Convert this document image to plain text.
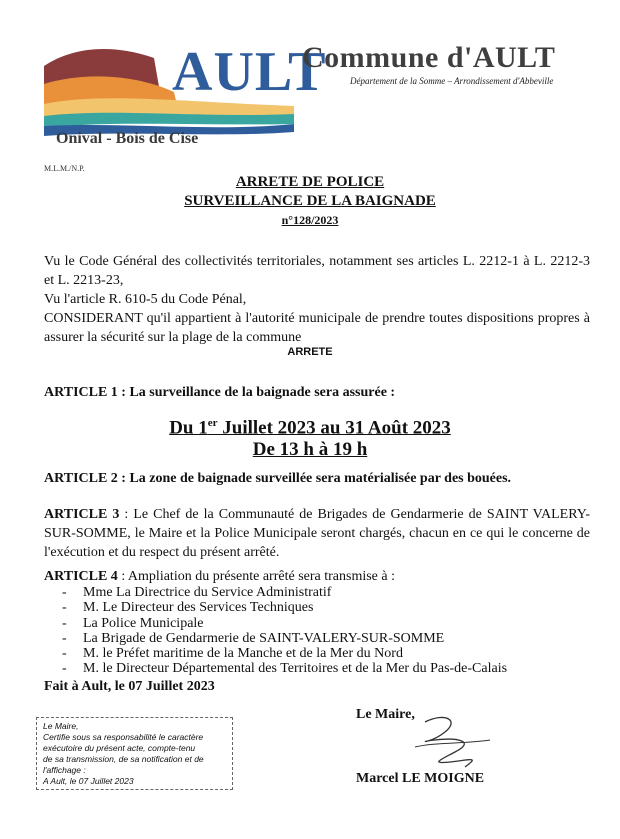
AULT
Onival - Bois de Cise
Commune d'AULT
Département de la Somme – Arrondissement d'Abbeville
M.L.M./N.P.
ARRETE DE POLICE
SURVEILLANCE DE LA BAIGNADE
n°128/2023
Vu le Code Général des collectivités territoriales, notamment ses articles L. 2212-1 à L. 2212-3 et L. 2213-23,
Vu l'article R. 610-5 du Code Pénal,
CONSIDERANT qu'il appartient à l'autorité municipale de prendre toutes dispositions propres à assurer la sécurité sur la plage de la commune
ARRETE
ARTICLE 1 : La surveillance de la baignade sera assurée :
Du 1er Juillet 2023 au 31 Août 2023
De 13 h à 19 h
ARTICLE 2 : La zone de baignade surveillée sera matérialisée par des bouées.
ARTICLE 3 : Le Chef de la Communauté de Brigades de Gendarmerie de SAINT VALERY-SUR-SOMME, le Maire et la Police Municipale seront chargés, chacun en ce qui le concerne de l'exécution et du respect du présent arrêté.
ARTICLE 4 : Ampliation du présente arrêté sera transmise à :
- Mme La Directrice du Service Administratif
- M. Le Directeur des Services Techniques
- La Police Municipale
- La Brigade de Gendarmerie de SAINT-VALERY-SUR-SOMME
- M. le Préfet maritime de la Manche et de la Mer du Nord
- M. le Directeur Départemental des Territoires et de la Mer du Pas-de-Calais
Fait à Ault, le 07 Juillet 2023
Le Maire,
Certifie sous sa responsabilité le caractère
exécutoire du présent acte, compte-tenu
de sa transmission, de sa notification et de
l'affichage :
A Ault, le 07 Juillet 2023
Le Maire,
Marcel LE MOIGNE
